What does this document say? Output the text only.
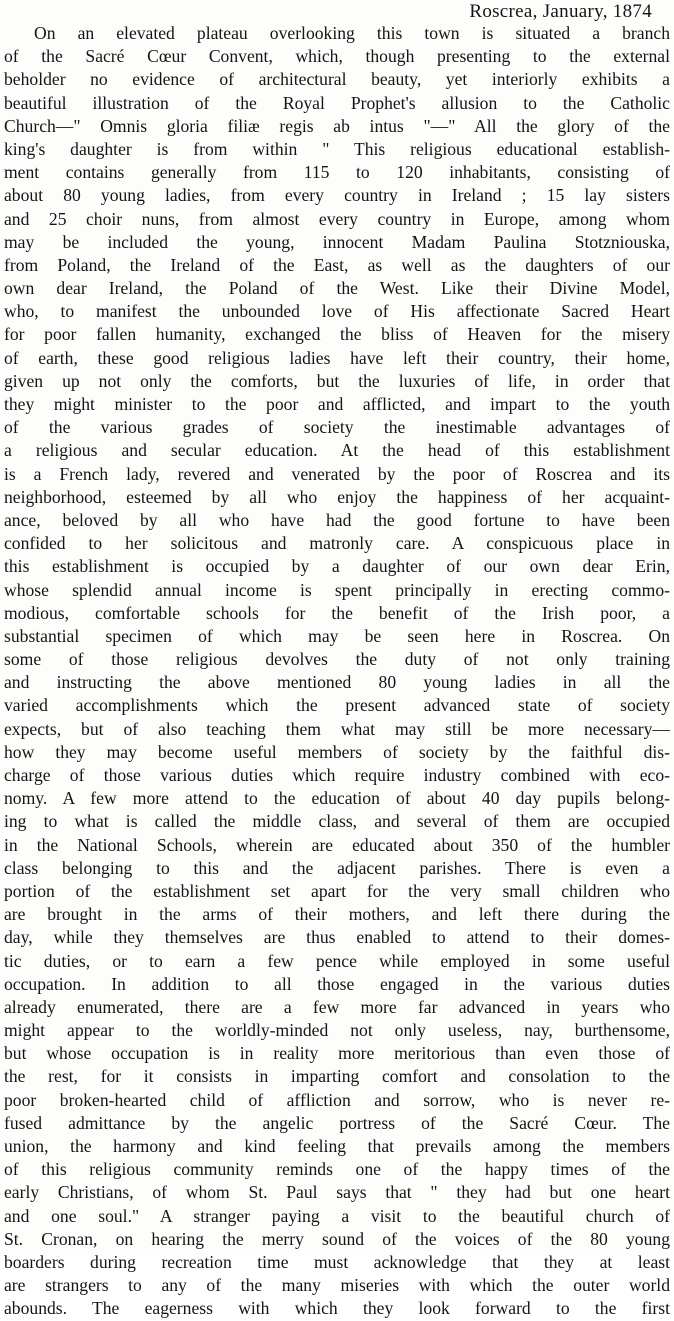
Roscrea, January, 1874
On an elevated plateau overlooking this town is situated a branch
of the Sacré Cœur Convent, which, though presenting to the external
beholder no evidence of architectural beauty, yet interiorly exhibits a
beautiful illustration of the Royal Prophet's allusion to the Catholic
Church—" Omnis gloria filiæ regis ab intus "—" All the glory of the
king's daughter is from within " This religious educational establish-
ment contains generally from 115 to 120 inhabitants, consisting of
about 80 young ladies, from every country in Ireland ; 15 lay sisters
and 25 choir nuns, from almost every country in Europe, among whom
may be included the young, innocent Madam Paulina Stotzniouska,
from Poland, the Ireland of the East, as well as the daughters of our
own dear Ireland, the Poland of the West. Like their Divine Model,
who, to manifest the unbounded love of His affectionate Sacred Heart
for poor fallen humanity, exchanged the bliss of Heaven for the misery
of earth, these good religious ladies have left their country, their home,
given up not only the comforts, but the luxuries of life, in order that
they might minister to the poor and afflicted, and impart to the youth
of the various grades of society the inestimable advantages of
a religious and secular education. At the head of this establishment
is a French lady, revered and venerated by the poor of Roscrea and its
neighborhood, esteemed by all who enjoy the happiness of her acquaint-
ance, beloved by all who have had the good fortune to have been
confided to her solicitous and matronly care. A conspicuous place in
this establishment is occupied by a daughter of our own dear Erin,
whose splendid annual income is spent principally in erecting commo-
modious, comfortable schools for the benefit of the Irish poor, a
substantial specimen of which may be seen here in Roscrea. On
some of those religious devolves the duty of not only training
and instructing the above mentioned 80 young ladies in all the
varied accomplishments which the present advanced state of society
expects, but of also teaching them what may still be more necessary—
how they may become useful members of society by the faithful dis-
charge of those various duties which require industry combined with eco-
nomy. A few more attend to the education of about 40 day pupils belong-
ing to what is called the middle class, and several of them are occupied
in the National Schools, wherein are educated about 350 of the humbler
class belonging to this and the adjacent parishes. There is even a
portion of the establishment set apart for the very small children who
are brought in the arms of their mothers, and left there during the
day, while they themselves are thus enabled to attend to their domes-
tic duties, or to earn a few pence while employed in some useful
occupation. In addition to all those engaged in the various duties
already enumerated, there are a few more far advanced in years who
might appear to the worldly-minded not only useless, nay, burthensome,
but whose occupation is in reality more meritorious than even those of
the rest, for it consists in imparting comfort and consolation to the
poor broken-hearted child of affliction and sorrow, who is never re-
fused admittance by the angelic portress of the Sacré Cœur. The
union, the harmony and kind feeling that prevails among the members
of this religious community reminds one of the happy times of the
early Christians, of whom St. Paul says that " they had but one heart
and one soul." A stranger paying a visit to the beautiful church of
St. Cronan, on hearing the merry sound of the voices of the 80 young
boarders during recreation time must acknowledge that they at least
are strangers to any of the many miseries with which the outer world
abounds. The eagerness with which they look forward to the first
